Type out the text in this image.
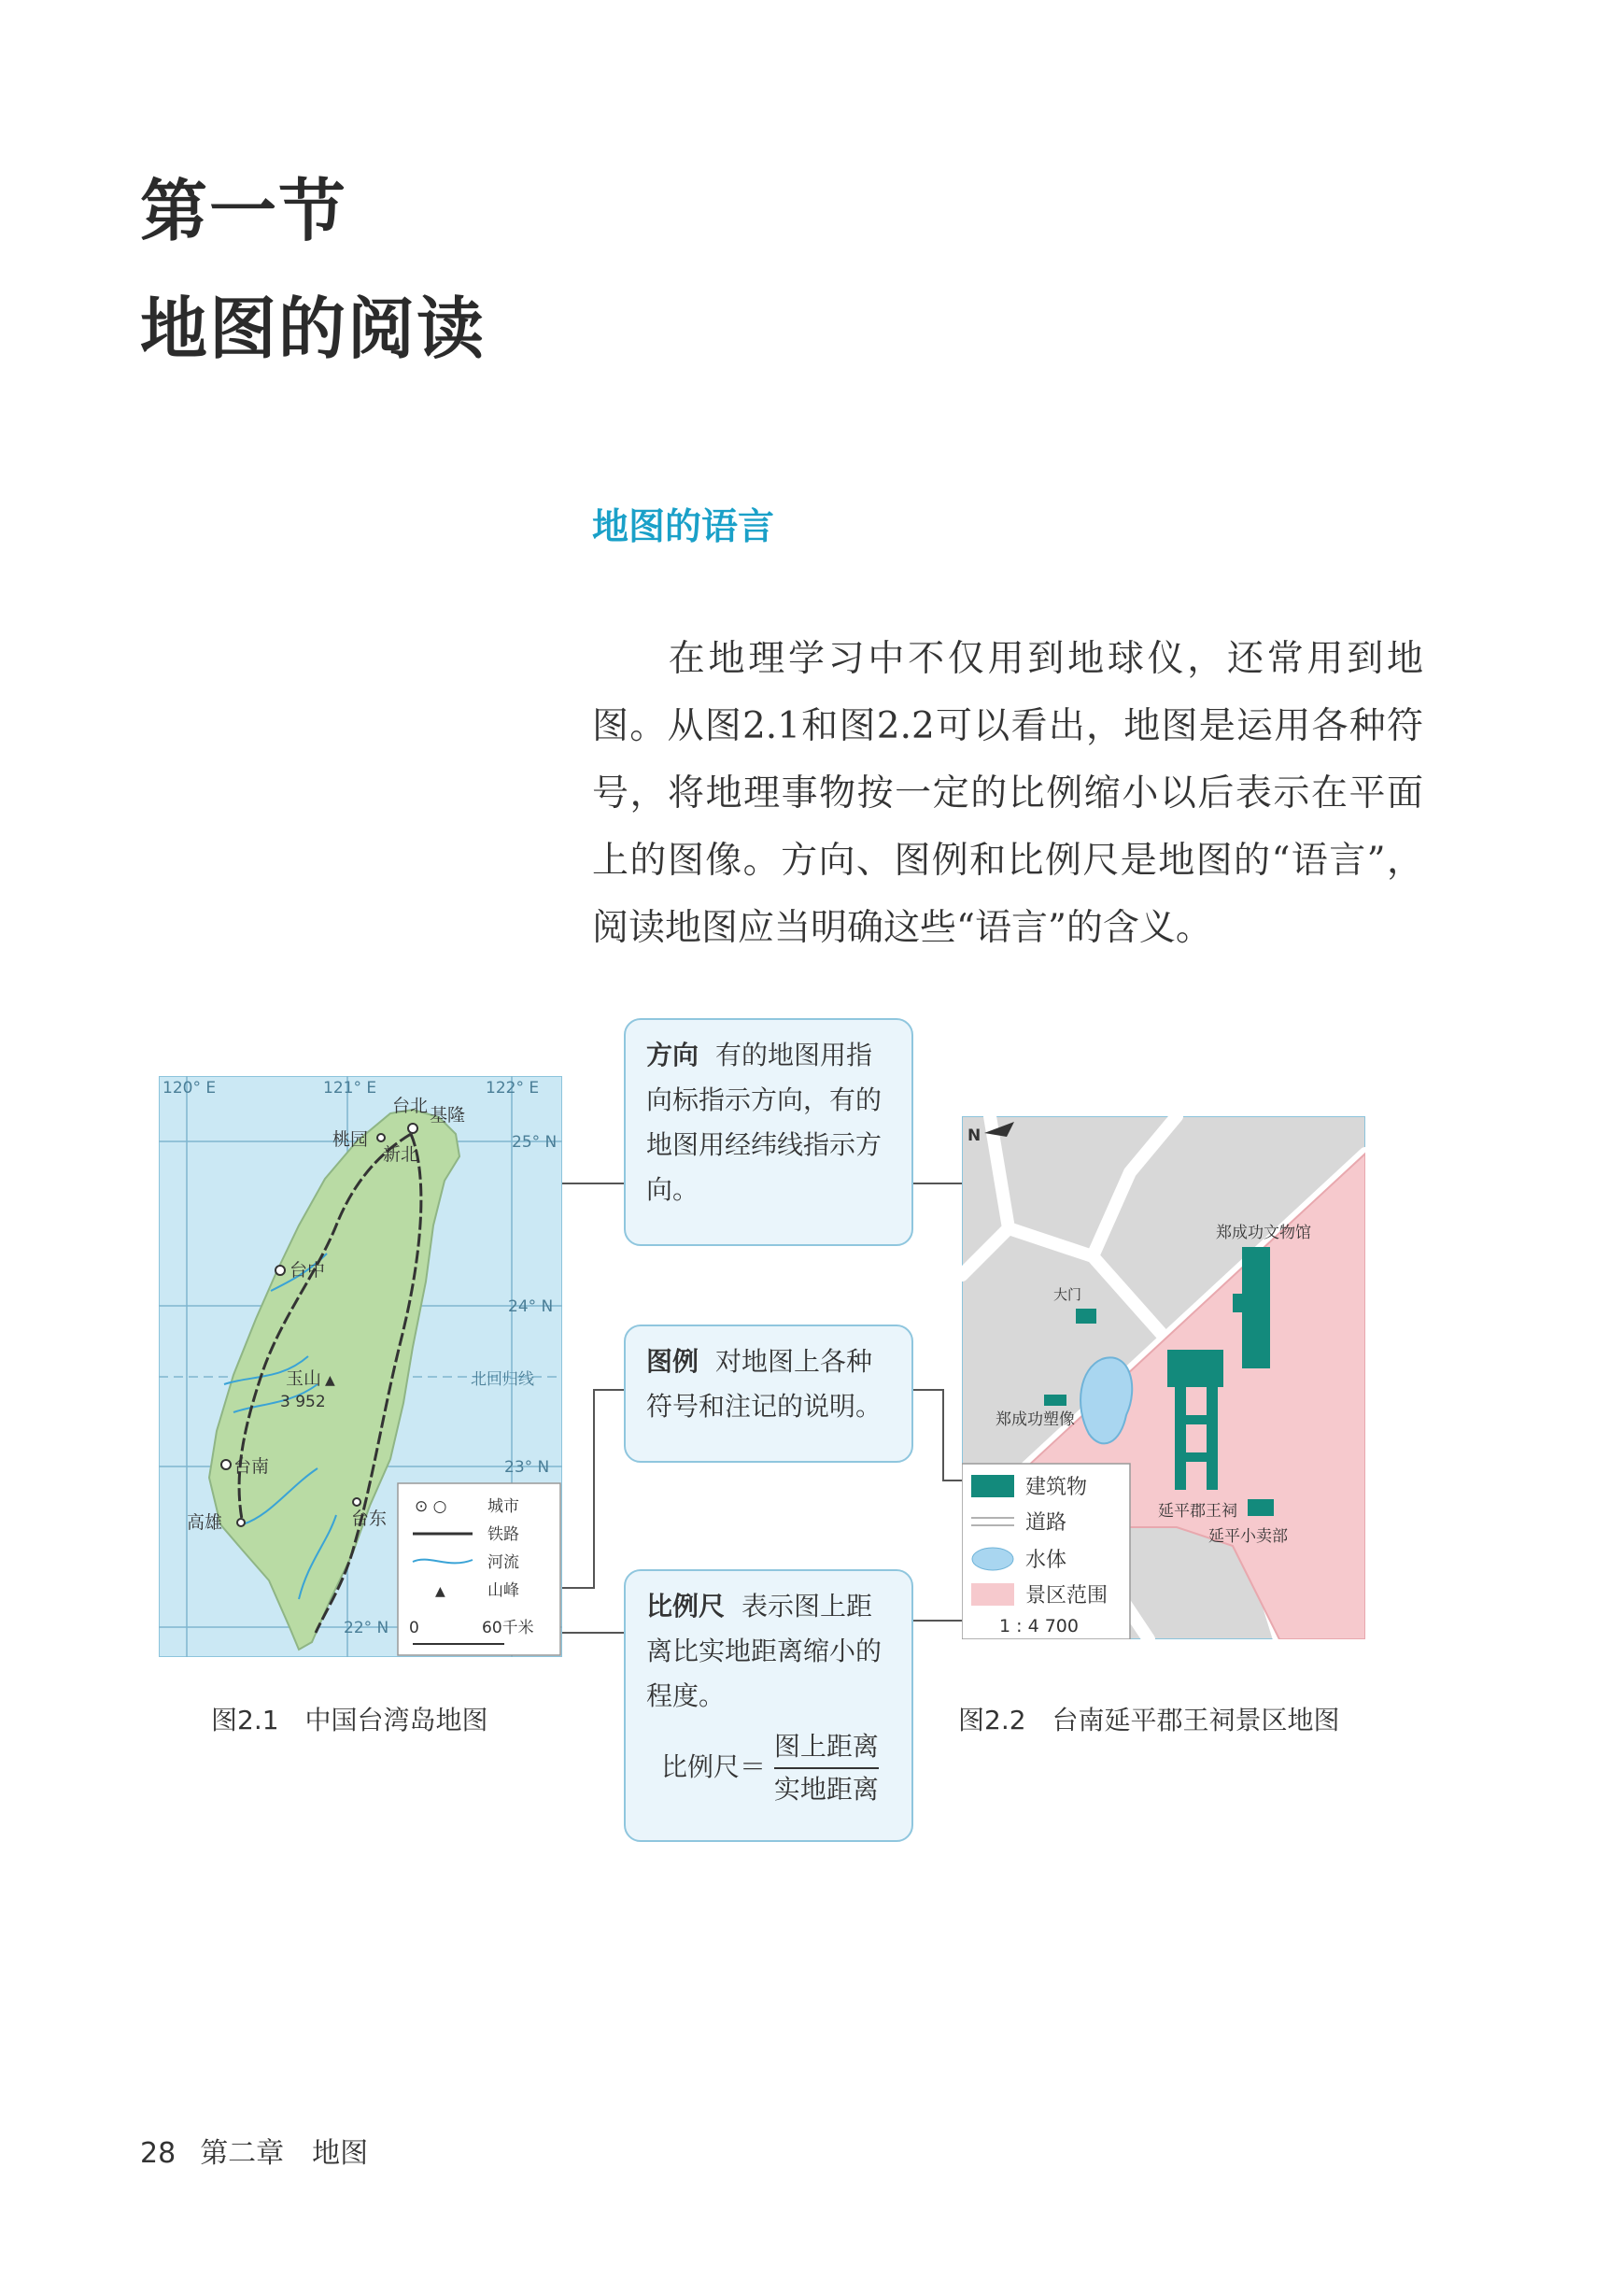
第一节
地图的阅读
地图的语言
在地理学习中不仅用到地球仪，还常用到地图。从图2.1和图2.2可以看出，地图是运用各种符号，将地理事物按一定的比例缩小以后表示在平面上的图像。方向、图例和比例尺是地图的“语言”，阅读地图应当明确这些“语言”的含义。
方向 有的地图用指向标指示方向，有的地图用经纬线指示方向。
图例 对地图上各种符号和注记的说明。
比例尺 表示图上距离比实地距离缩小的程度。
比例尺＝ $\frac{\text{图上距离}}{\text{实地距离}}$
120° E	121° E	122° E
25° N
24° N
23° N
22° N
北回归线
台北 基隆
桃园
新北
台中
台南
高雄	台东
玉山 ▲
3 952
⊙ ○	城市
铁路
河流
▲	山峰
0	60千米
图2.1　中国台湾岛地图
N
郑成功文物馆
大门
郑成功塑像
延平郡王祠
延平小卖部
建筑物
道路
水体
景区范围
1 : 4 700
图2.2　台南延平郡王祠景区地图
28 第二章　地图
